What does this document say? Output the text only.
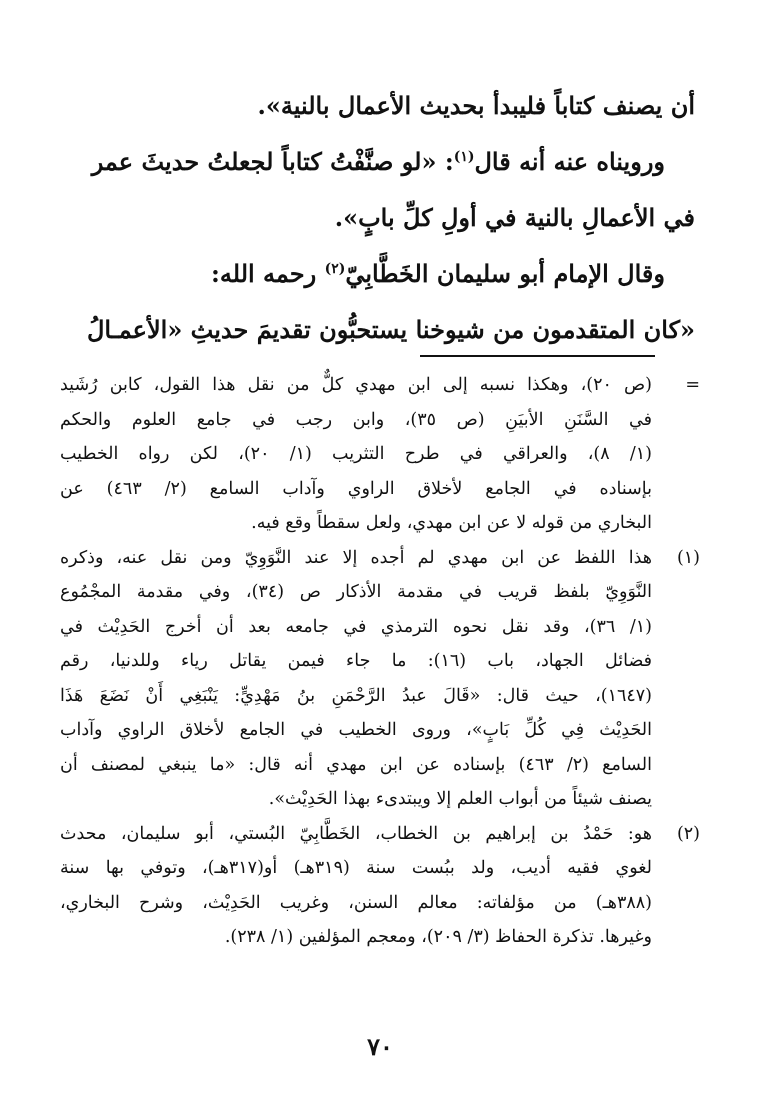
أن يصنف كتاباً فليبدأ بحديث الأعمال بالنية».
ورويناه عنه أنه قال$^{(١)}$: «لو صنَّفْتُ كتاباً لجعلتُ حديثَ عمر
في الأعمالِ بالنية في أولِ كلِّ بابٍ».
وقال الإمام أبو سليمان الخَطَّابِيّ$^{(٢)}$ رحمه الله:
«كان المتقدمون من شيوخنا يستحبُّون تقديمَ حديثِ «الأعمـالُ
=
(ص ٢٠)، وهكذا نسبه إلى ابن مهدي كلٌّ من نقل هذا القول، كابن رُشَيد
في السَّنَنِ الأبيَنِ (ص ٣٥)، وابن رجب في جامع العلوم والحكم
(١/ ٨)، والعراقي في طرح التثريب (١/ ٢٠)، لكن رواه الخطيب
بإسناده في الجامع لأخلاق الراوي وآداب السامع (٢/ ٤٦٣) عن
البخاري من قوله لا عن ابن مهدي، ولعل سقطاً وقع فيه.
(١)
هذا اللفظ عن ابن مهدي لم أجده إلا عند النَّوَوِيّ ومن نقل عنه، وذكره
النَّوَوِيّ بلفظ قريب في مقدمة الأذكار ص (٣٤)، وفي مقدمة المجْمُوع
(١/ ٣٦)، وقد نقل نحوه الترمذي في جامعه بعد أن أخرج الحَدِيْث في
فضائل الجهاد، باب (١٦): ما جاء فيمن يقاتل رياء وللدنيا، رقم
(١٦٤٧)، حيث قال: «قَالَ عبدُ الرَّحْمَنِ بنُ مَهْدِيٍّ: يَنْبَغِي أَنْ نَضَعَ هَذَا
الحَدِيْث فِي كُلِّ بَابٍ»، وروى الخطيب في الجامع لأخلاق الراوي وآداب
السامع (٢/ ٤٦٣) بإسناده عن ابن مهدي أنه قال: «ما ينبغي لمصنف أن
يصنف شيئاً من أبواب العلم إلا ويبتدىء بهذا الحَدِيْث».
(٢)
هو: حَمْدُ بن إبراهيم بن الخطاب، الخَطَّابِيّ البُستي، أبو سليمان، محدث
لغوي فقيه أديب، ولد ببُست سنة (٣١٩هـ) أو(٣١٧هـ)، وتوفي بها سنة
(٣٨٨هـ) من مؤلفاته: معالم السنن، وغريب الحَدِيْث، وشرح البخاري،
وغيرها. تذكرة الحفاظ (٣/ ٢٠٩)، ومعجم المؤلفين (١/ ٢٣٨).
٧٠
